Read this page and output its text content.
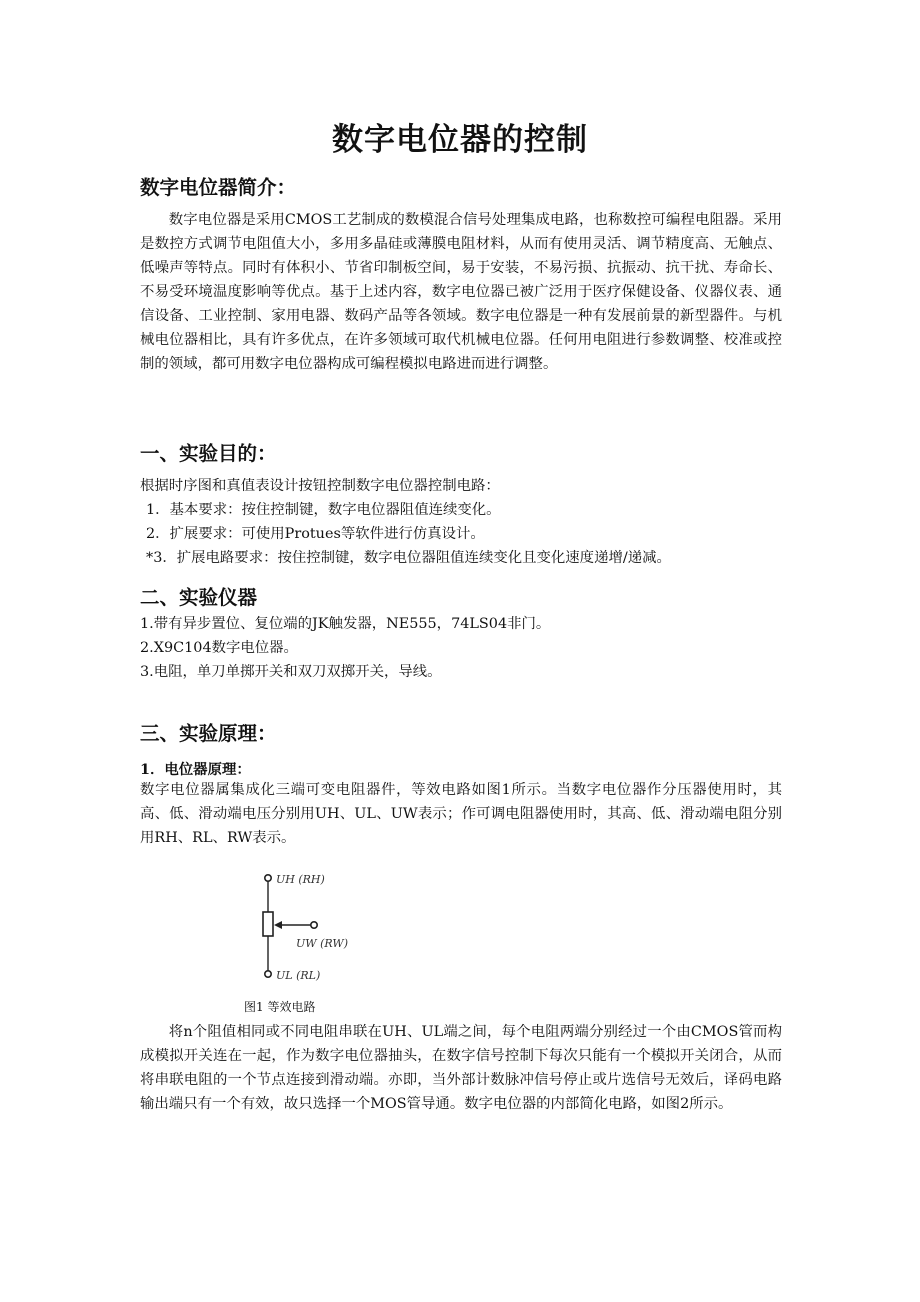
数字电位器的控制
数字电位器简介：
数字电位器是采用CMOS工艺制成的数模混合信号处理集成电路，也称数控可编程电阻器。采用是数控方式调节电阻值大小，多用多晶硅或薄膜电阻材料，从而有使用灵活、调节精度高、无触点、低噪声等特点。同时有体积小、节省印制板空间，易于安装，不易污损、抗振动、抗干扰、寿命长、不易受环境温度影响等优点。基于上述内容，数字电位器已被广泛用于医疗保健设备、仪器仪表、通信设备、工业控制、家用电器、数码产品等各领域。数字电位器是一种有发展前景的新型器件。与机械电位器相比，具有许多优点，在许多领域可取代机械电位器。任何用电阻进行参数调整、校准或控制的领域，都可用数字电位器构成可编程模拟电路进而进行调整。
一、实验目的：
根据时序图和真值表设计按钮控制数字电位器控制电路：
1．基本要求：按住控制键，数字电位器阻值连续变化。
2．扩展要求：可使用Protues等软件进行仿真设计。
*3．扩展电路要求：按住控制键，数字电位器阻值连续变化且变化速度递增/递减。
二、实验仪器
1.带有异步置位、复位端的JK触发器，NE555，74LS04非门。
2.X9C104数字电位器。
3.电阻，单刀单掷开关和双刀双掷开关，导线。
三、实验原理：
1．电位器原理：
数字电位器属集成化三端可变电阻器件，等效电路如图1所示。当数字电位器作分压器使用时，其高、低、滑动端电压分别用UH、UL、UW表示；作可调电阻器使用时，其高、低、滑动端电阻分别用RH、RL、RW表示。
UH (RH)
UW (RW)
UL (RL)
图1 等效电路
将n个阻值相同或不同电阻串联在UH、UL端之间，每个电阻两端分别经过一个由CMOS管而构成模拟开关连在一起，作为数字电位器抽头，在数字信号控制下每次只能有一个模拟开关闭合，从而将串联电阻的一个节点连接到滑动端。亦即，当外部计数脉冲信号停止或片选信号无效后，译码电路输出端只有一个有效，故只选择一个MOS管导通。数字电位器的内部简化电路，如图2所示。
